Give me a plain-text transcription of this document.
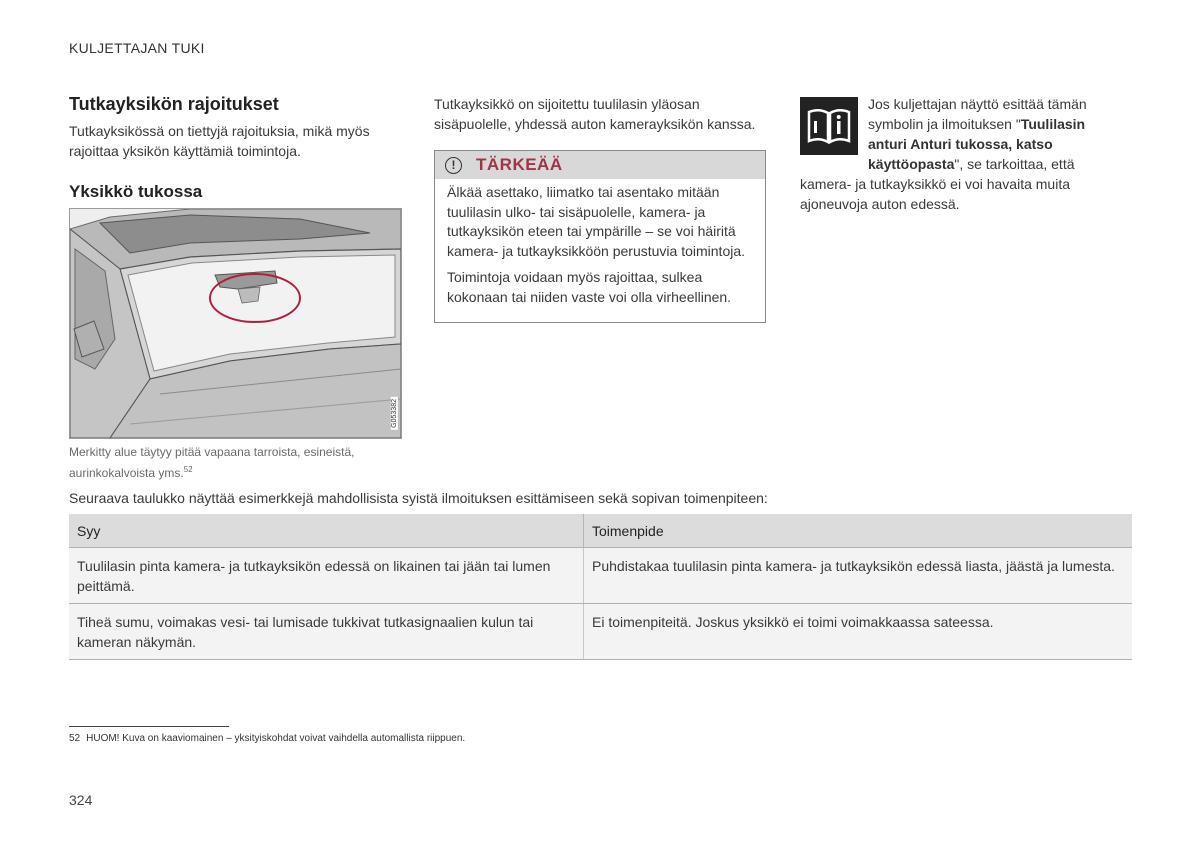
KULJETTAJAN TUKI
Tutkayksikön rajoitukset

Tutkayksikössä on tiettyjä rajoituksia, mikä myös rajoittaa yksikön käyttämiä toimintoja.

Yksikkö tukossa
G053382
Merkitty alue täytyy pitää vapaana tarroista, esineistä, aurinkokalvoista yms.$^{52}$

Tutkayksikkö on sijoitettu tuulilasin yläosan sisäpuolelle, yhdessä auton kamerayksikön kanssa.

!	TÄRKEÄÄ

Älkää asettako, liimatko tai asentako mitään tuulilasin ulko- tai sisäpuolelle, kamera- ja tutkayksikön eteen tai ympärille – se voi häiritä kamera- ja tutkayksikköön perustuvia toimintoja.

Toimintoja voidaan myös rajoittaa, sulkea kokonaan tai niiden vaste voi olla virheellinen.

Jos kuljettajan näyttö esittää tämän symbolin ja ilmoituksen "Tuulilasin anturi Anturi tukossa, katso käyttöopasta", se tarkoittaa, että kamera- ja tutkayksikkö ei voi havaita muita ajoneuvoja auton edessä.
Seuraava taulukko näyttää esimerkkejä mahdollisista syistä ilmoituksen esittämiseen sekä sopivan toimenpiteen:
Syy	Toimenpide
Tuulilasin pinta kamera- ja tutkayksikön edessä on likainen tai jään tai lumen peittämä.	Puhdistakaa tuulilasin pinta kamera- ja tutkayksikön edessä liasta, jäästä ja lumesta.
Tiheä sumu, voimakas vesi- tai lumisade tukkivat tutkasignaalien kulun tai kameran näkymän.	Ei toimenpiteitä. Joskus yksikkö ei toimi voimakkaassa sateessa.
52 HUOM! Kuva on kaaviomainen – yksityiskohdat voivat vaihdella automallista riippuen.
324
